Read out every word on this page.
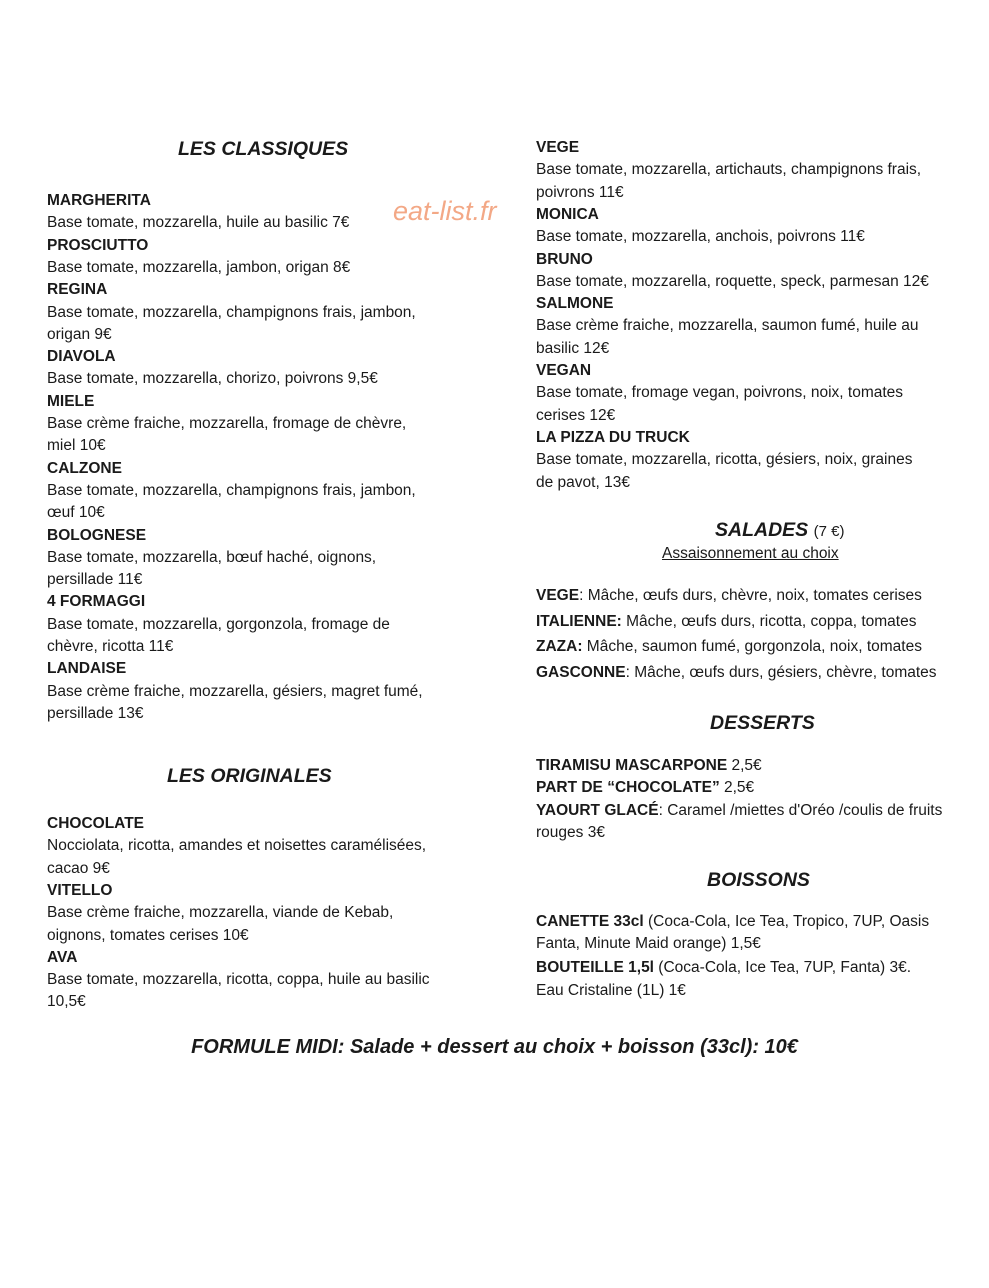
eat-list.fr
LES CLASSIQUES
MARGHERITA
Base tomate, mozzarella, huile au basilic 7€
PROSCIUTTO
Base tomate, mozzarella, jambon, origan 8€
REGINA
Base tomate, mozzarella, champignons frais, jambon,
origan 9€
DIAVOLA
Base tomate, mozzarella, chorizo, poivrons 9,5€
MIELE
Base crème fraiche, mozzarella, fromage de chèvre,
miel 10€
CALZONE
Base tomate, mozzarella, champignons frais, jambon,
œuf 10€
BOLOGNESE
Base tomate, mozzarella, bœuf haché, oignons,
persillade 11€
4 FORMAGGI
Base tomate, mozzarella, gorgonzola, fromage de
chèvre, ricotta 11€
LANDAISE
Base crème fraiche, mozzarella, gésiers, magret fumé,
persillade 13€
LES ORIGINALES
CHOCOLATE
Nocciolata, ricotta, amandes et noisettes caramélisées,
cacao 9€
VITELLO
Base crème fraiche, mozzarella, viande de Kebab,
oignons, tomates cerises 10€
AVA
Base tomate, mozzarella, ricotta, coppa, huile au basilic
10,5€
VEGE
Base tomate, mozzarella, artichauts, champignons frais,
poivrons 11€
MONICA
Base tomate, mozzarella, anchois, poivrons 11€
BRUNO
Base tomate, mozzarella, roquette, speck, parmesan 12€
SALMONE
Base crème fraiche, mozzarella, saumon fumé, huile au
basilic 12€
VEGAN
Base tomate, fromage vegan, poivrons, noix, tomates
cerises 12€
LA PIZZA DU TRUCK
Base tomate, mozzarella, ricotta, gésiers, noix, graines
de pavot, 13€
SALADES (7 €)
Assaisonnement au choix
VEGE: Mâche, œufs durs, chèvre, noix, tomates cerises
ITALIENNE: Mâche, œufs durs, ricotta, coppa, tomates
ZAZA: Mâche, saumon fumé, gorgonzola, noix, tomates
GASCONNE: Mâche, œufs durs, gésiers, chèvre, tomates
DESSERTS
TIRAMISU MASCARPONE 2,5€
PART DE “CHOCOLATE” 2,5€
YAOURT GLACÉ: Caramel /miettes d'Oréo /coulis de fruits
rouges 3€
BOISSONS
CANETTE 33cl (Coca-Cola, Ice Tea, Tropico, 7UP, Oasis
Fanta, Minute Maid orange) 1,5€
BOUTEILLE 1,5l (Coca-Cola, Ice Tea, 7UP, Fanta) 3€.
Eau Cristaline (1L) 1€
FORMULE MIDI: Salade + dessert au choix + boisson (33cl): 10€
